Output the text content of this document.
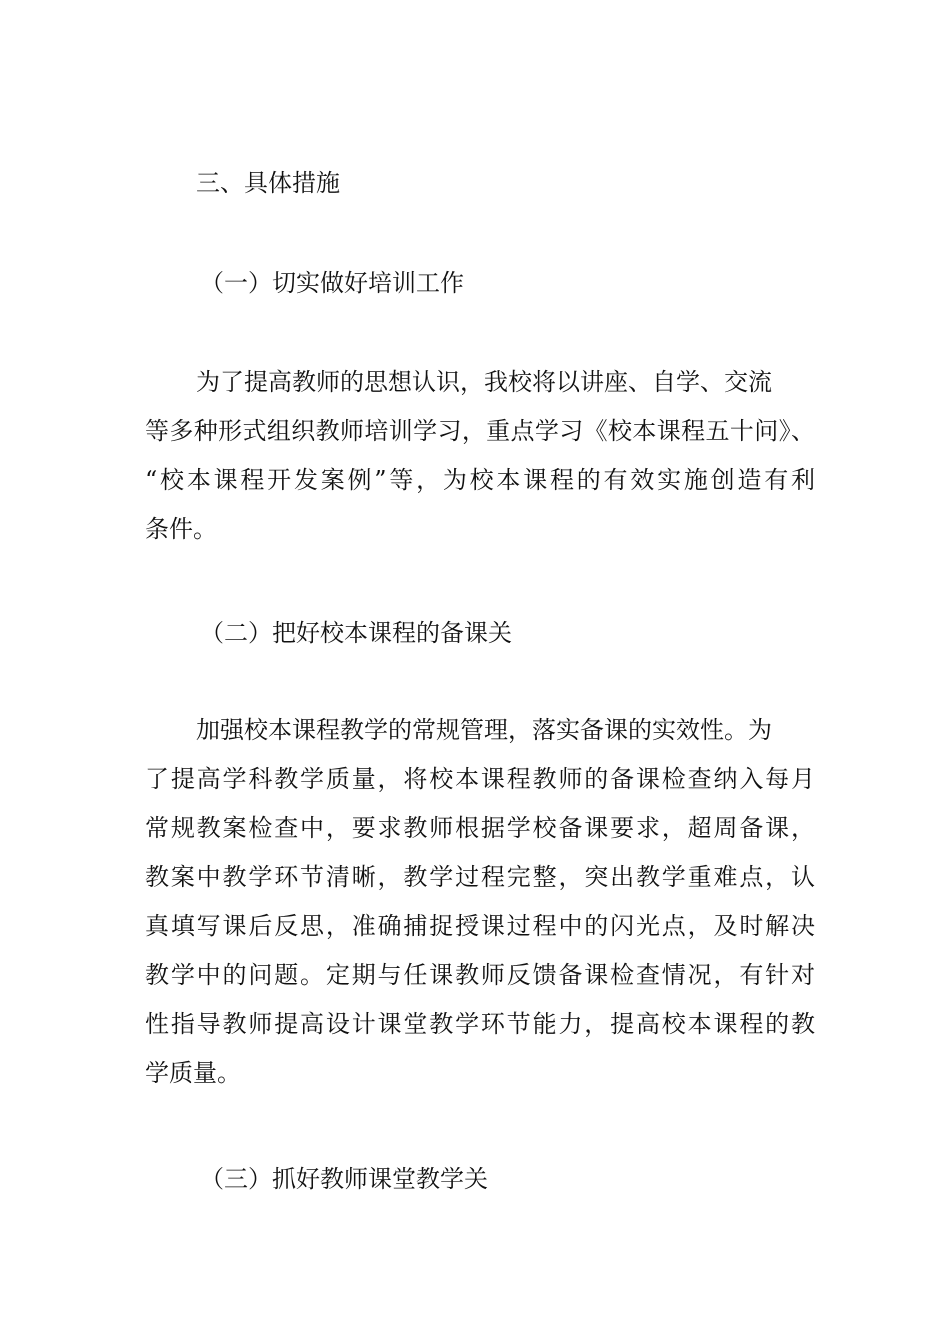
三、具体措施
（一）切实做好培训工作
为了提高教师的思想认识，我校将以讲座、自学、交流
等多种形式组织教师培训学习，重点学习《校本课程五十问》、
“校本课程开发案例”等，为校本课程的有效实施创造有利
条件。
（二）把好校本课程的备课关
加强校本课程教学的常规管理，落实备课的实效性。为
了提高学科教学质量，将校本课程教师的备课检查纳入每月
常规教案检查中，要求教师根据学校备课要求，超周备课，
教案中教学环节清晰，教学过程完整，突出教学重难点，认
真填写课后反思，准确捕捉授课过程中的闪光点，及时解决
教学中的问题。定期与任课教师反馈备课检查情况，有针对
性指导教师提高设计课堂教学环节能力，提高校本课程的教
学质量。
（三）抓好教师课堂教学关
